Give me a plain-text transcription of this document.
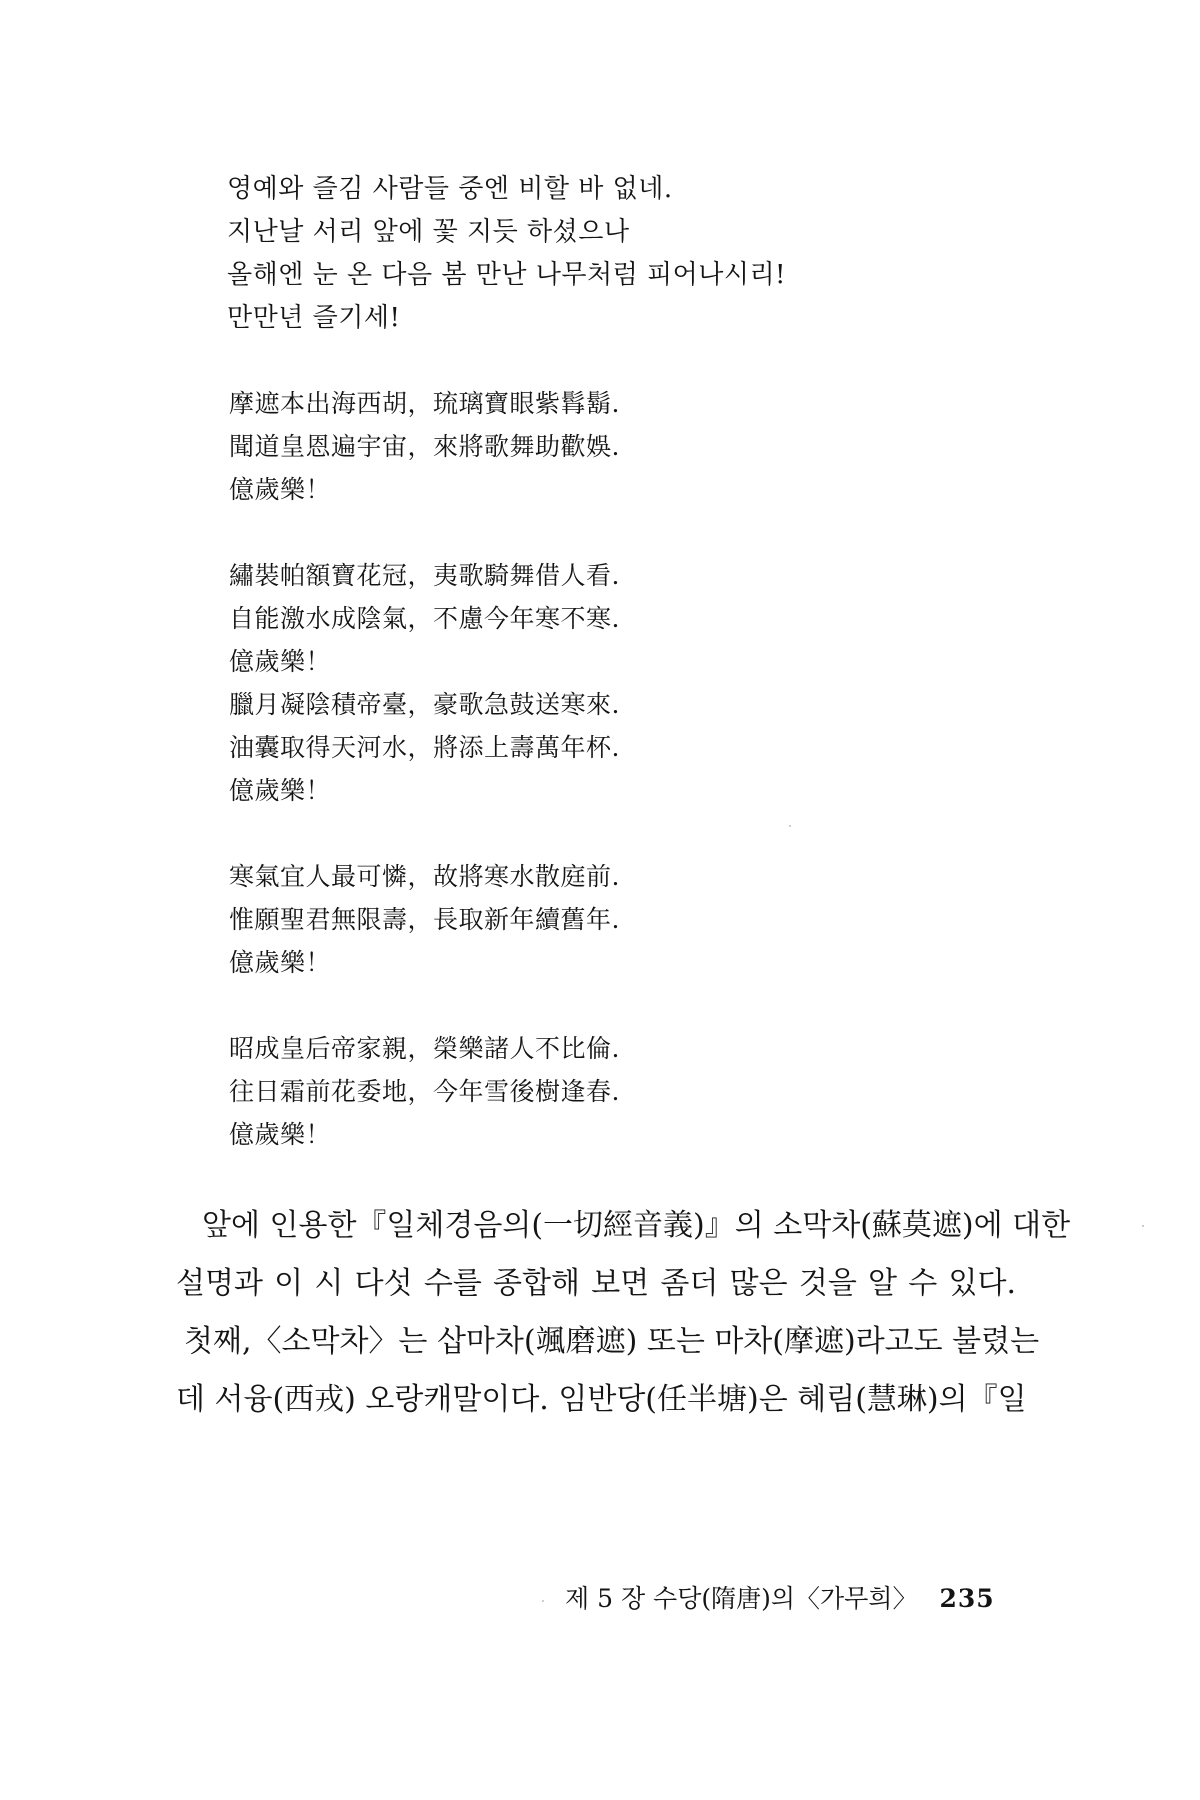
영예와 즐김 사람들 중엔 비할 바 없네.
지난날 서리 앞에 꽃 지듯 하셨으나
올해엔 눈 온 다음 봄 만난 나무처럼 피어나시리!
만만년 즐기세!
摩遮本出海西胡，琉璃寶眼紫髥鬍.
聞道皇恩遍宇宙，來將歌舞助歡娛.
億歲樂！
繡裝帕額寶花冠，夷歌騎舞借人看.
自能激水成陰氣，不慮今年寒不寒.
億歲樂！
臘月凝陰積帝臺，豪歌急鼓送寒來.
油囊取得天河水，將添上壽萬年杯.
億歲樂！
寒氣宜人最可憐，故將寒水散庭前.
惟願聖君無限壽，長取新年續舊年.
億歲樂！
昭成皇后帝家親，榮樂諸人不比倫.
往日霜前花委地，今年雪後樹逢春.
億歲樂！
앞에 인용한『일체경음의(一切經音義)』의 소막차(蘇莫遮)에 대한
설명과 이 시 다섯 수를 종합해 보면 좀더 많은 것을 알 수 있다.
첫째,〈소막차〉는 삽마차(颯磨遮) 또는 마차(摩遮)라고도 불렸는
데 서융(西戎) 오랑캐말이다. 임반당(任半塘)은 혜림(慧琳)의『일
제 5 장 수당(隋唐)의〈가무희〉 235
